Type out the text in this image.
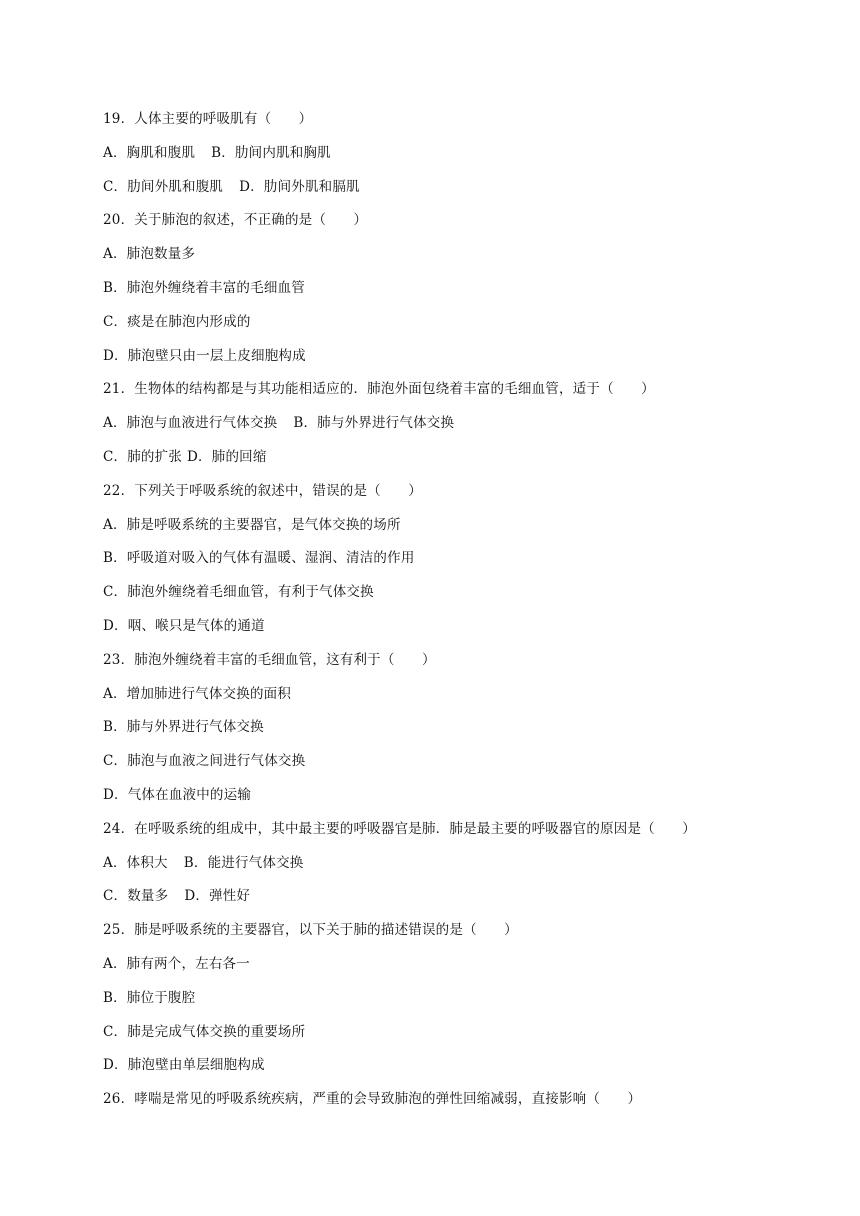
19．人体主要的呼吸肌有（　　）
A．胸肌和腹肌 B．肋间内肌和胸肌
C．肋间外肌和腹肌 D．肋间外肌和膈肌
20．关于肺泡的叙述，不正确的是（　　）
A．肺泡数量多
B．肺泡外缠绕着丰富的毛细血管
C．痰是在肺泡内形成的
D．肺泡壁只由一层上皮细胞构成
21．生物体的结构都是与其功能相适应的．肺泡外面包绕着丰富的毛细血管，适于（　　）
A．肺泡与血液进行气体交换 B．肺与外界进行气体交换
C．肺的扩张 D．肺的回缩
22．下列关于呼吸系统的叙述中，错误的是（　　）
A．肺是呼吸系统的主要器官，是气体交换的场所
B．呼吸道对吸入的气体有温暖、湿润、清洁的作用
C．肺泡外缠绕着毛细血管，有利于气体交换
D．咽、喉只是气体的通道
23．肺泡外缠绕着丰富的毛细血管，这有利于（　　）
A．增加肺进行气体交换的面积
B．肺与外界进行气体交换
C．肺泡与血液之间进行气体交换
D．气体在血液中的运输
24．在呼吸系统的组成中，其中最主要的呼吸器官是肺．肺是最主要的呼吸器官的原因是（　　）
A．体积大 B．能进行气体交换
C．数量多 D．弹性好
25．肺是呼吸系统的主要器官，以下关于肺的描述错误的是（　　）
A．肺有两个，左右各一
B．肺位于腹腔
C．肺是完成气体交换的重要场所
D．肺泡壁由单层细胞构成
26．哮喘是常见的呼吸系统疾病，严重的会导致肺泡的弹性回缩减弱，直接影响（　　）
